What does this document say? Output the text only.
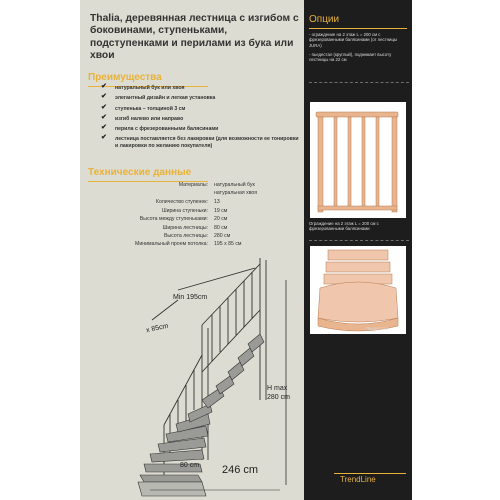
Thalia, деревянная лестница с изгибом с боковинами, ступеньками, подступенками и перилами из бука или хвои
Преимущества
✔ натуральный бук или хвоя
✔ элегантный дизайн и легкая установка
✔ ступенька – толщиной 3 см
✔ изгиб налево или направо
✔ перила с фрезерованными балясинами
✔ лестница поставляется без лакировки (для возможности ее тонировки и лакировки по желанию покупателя)
Технические данные
Материалы: натуральный бук
натуральная хвоя
Количество ступенек: 13
Ширина ступеньки: 19 см
Высота между ступеньками: 20 см
Ширина лестницы: 80 см
Высота лестницы: 280 см
Минимальный проем потолка: 195 х 85 см
Min 195cm
x 85cm
H max
280 cm
80 cm 246 cm
Опции
- ограждение на 2 этаж L = 200 см с фрезерованными балясинами (от лестницы JURA)
- пьедестал (круглый), поднимает высоту лестницы на 22 см
Ограждение на 2 этаж L = 200 см с фрезерованными балясинами
Пьедестал
TrendLine
